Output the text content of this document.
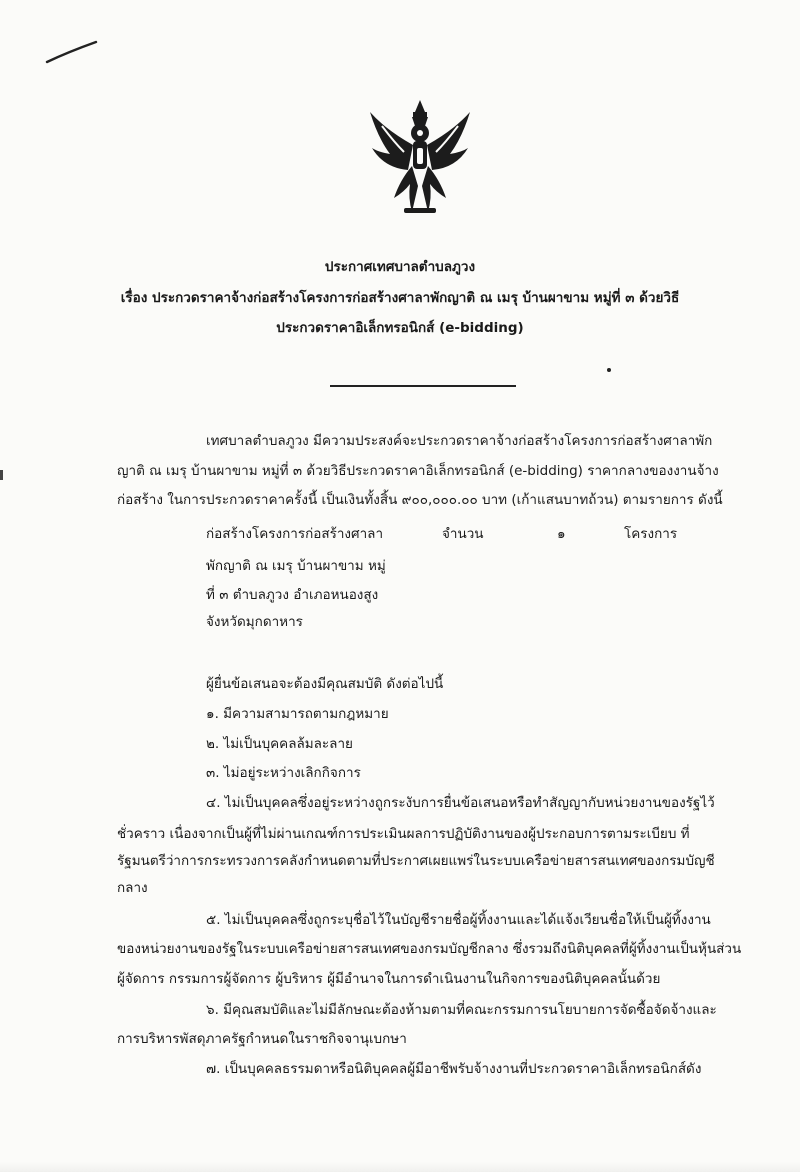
ประกาศเทศบาลตำบลภูวง
เรื่อง ประกวดราคาจ้างก่อสร้างโครงการก่อสร้างศาลาพักญาติ ณ เมรุ บ้านผาขาม หมู่ที่ ๓ ด้วยวิธี
ประกวดราคาอิเล็กทรอนิกส์ (e-bidding)
เทศบาลตำบลภูวง มีความประสงค์จะประกวดราคาจ้างก่อสร้างโครงการก่อสร้างศาลาพัก
ญาติ ณ เมรุ บ้านผาขาม หมู่ที่ ๓ ด้วยวิธีประกวดราคาอิเล็กทรอนิกส์ (e-bidding) ราคากลางของงานจ้าง
ก่อสร้าง ในการประกวดราคาครั้งนี้ เป็นเงินทั้งสิ้น ๙๐๐,๐๐๐.๐๐ บาท (เก้าแสนบาทถ้วน) ตามรายการ ดังนี้
ก่อสร้างโครงการก่อสร้างศาลา
พักญาติ ณ เมรุ บ้านผาขาม หมู่
ที่ ๓ ตำบลภูวง อำเภอหนองสูง
จังหวัดมุกดาหาร
จำนวน	๑	โครงการ
ผู้ยื่นข้อเสนอจะต้องมีคุณสมบัติ ดังต่อไปนี้
๑. มีความสามารถตามกฎหมาย
๒. ไม่เป็นบุคคลล้มละลาย
๓. ไม่อยู่ระหว่างเลิกกิจการ
๔. ไม่เป็นบุคคลซึ่งอยู่ระหว่างถูกระงับการยื่นข้อเสนอหรือทำสัญญากับหน่วยงานของรัฐไว้
ชั่วคราว เนื่องจากเป็นผู้ที่ไม่ผ่านเกณฑ์การประเมินผลการปฏิบัติงานของผู้ประกอบการตามระเบียบ ที่
รัฐมนตรีว่าการกระทรวงการคลังกำหนดตามที่ประกาศเผยแพร่ในระบบเครือข่ายสารสนเทศของกรมบัญชี
กลาง
๕. ไม่เป็นบุคคลซึ่งถูกระบุชื่อไว้ในบัญชีรายชื่อผู้ทิ้งงานและได้แจ้งเวียนชื่อให้เป็นผู้ทิ้งงาน
ของหน่วยงานของรัฐในระบบเครือข่ายสารสนเทศของกรมบัญชีกลาง ซึ่งรวมถึงนิติบุคคลที่ผู้ทิ้งงานเป็นหุ้นส่วน
ผู้จัดการ กรรมการผู้จัดการ ผู้บริหาร ผู้มีอำนาจในการดำเนินงานในกิจการของนิติบุคคลนั้นด้วย
๖. มีคุณสมบัติและไม่มีลักษณะต้องห้ามตามที่คณะกรรมการนโยบายการจัดซื้อจัดจ้างและ
การบริหารพัสดุภาครัฐกำหนดในราชกิจจานุเบกษา
๗. เป็นบุคคลธรรมดาหรือนิติบุคคลผู้มีอาชีพรับจ้างงานที่ประกวดราคาอิเล็กทรอนิกส์ดัง
